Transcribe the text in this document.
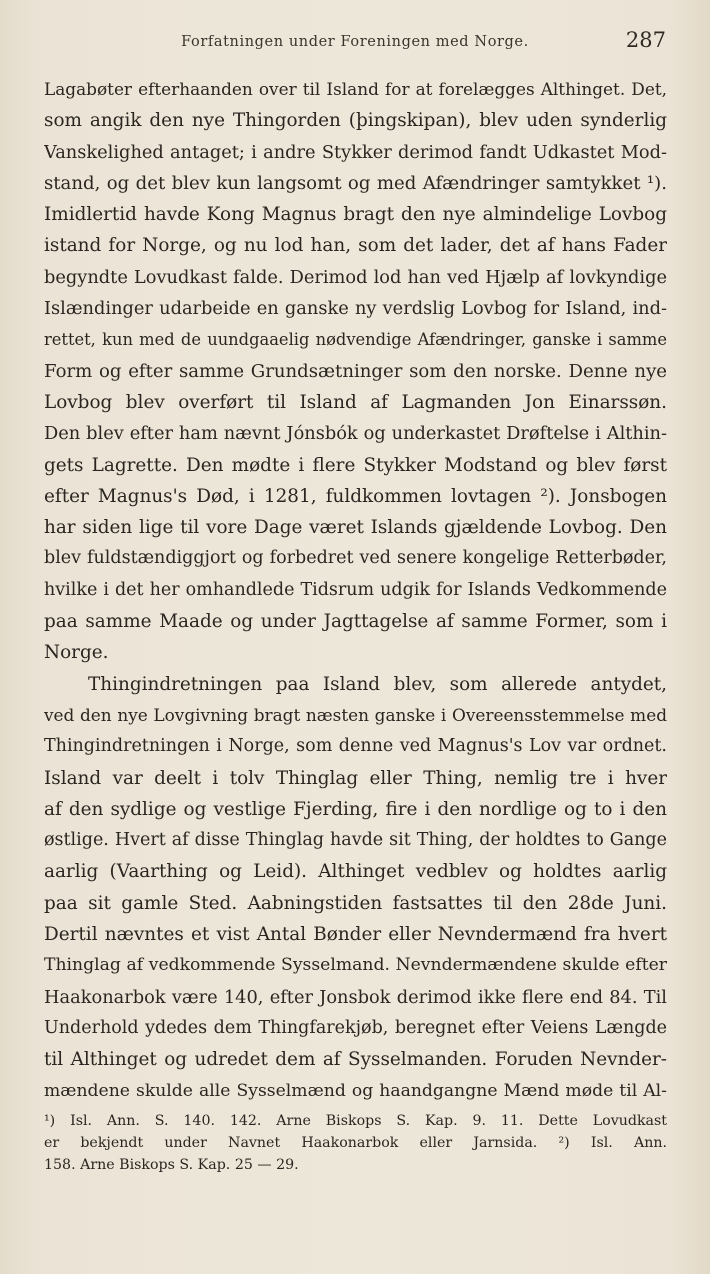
Forfatningen under Foreningen med Norge.	287
Lagabøter efterhaanden over til Island for at forelægges Althinget. Det,
som angik den nye Thingorden (þingskipan), blev uden synderlig
Vanskelighed antaget; i andre Stykker derimod fandt Udkastet Mod-
stand, og det blev kun langsomt og med Afændringer samtykket ¹).
Imidlertid havde Kong Magnus bragt den nye almindelige Lovbog
istand for Norge, og nu lod han, som det lader, det af hans Fader
begyndte Lovudkast falde. Derimod lod han ved Hjælp af lovkyndige
Islændinger udarbeide en ganske ny verdslig Lovbog for Island, ind-
rettet, kun med de uundgaaelig nødvendige Afændringer, ganske i samme
Form og efter samme Grundsætninger som den norske. Denne nye
Lovbog blev overført til Island af Lagmanden Jon Einarssøn.
Den blev efter ham nævnt Jónsbók og underkastet Drøftelse i Althin-
gets Lagrette. Den mødte i flere Stykker Modstand og blev først
efter Magnus's Død, i 1281, fuldkommen lovtagen ²). Jonsbogen
har siden lige til vore Dage været Islands gjældende Lovbog. Den
blev fuldstændiggjort og forbedret ved senere kongelige Retterbøder,
hvilke i det her omhandlede Tidsrum udgik for Islands Vedkommende
paa samme Maade og under Jagttagelse af samme Former, som i
Norge.
Thingindretningen paa Island blev, som allerede antydet,
ved den nye Lovgivning bragt næsten ganske i Overeensstemmelse med
Thingindretningen i Norge, som denne ved Magnus's Lov var ordnet.
Island var deelt i tolv Thinglag eller Thing, nemlig tre i hver
af den sydlige og vestlige Fjerding, fire i den nordlige og to i den
østlige. Hvert af disse Thinglag havde sit Thing, der holdtes to Gange
aarlig (Vaarthing og Leid). Althinget vedblev og holdtes aarlig
paa sit gamle Sted. Aabningstiden fastsattes til den 28de Juni.
Dertil nævntes et vist Antal Bønder eller Nevndermænd fra hvert
Thinglag af vedkommende Sysselmand. Nevndermændene skulde efter
Haakonarbok være 140, efter Jonsbok derimod ikke flere end 84. Til
Underhold ydedes dem Thingfarekjøb, beregnet efter Veiens Længde
til Althinget og udredet dem af Sysselmanden. Foruden Nevnder-
mændene skulde alle Sysselmænd og haandgangne Mænd møde til Al-
¹) Isl. Ann. S. 140. 142. Arne Biskops S. Kap. 9. 11. Dette Lovudkast
er bekjendt under Navnet Haakonarbok eller Jarnsida. ²) Isl. Ann.
158. Arne Biskops S. Kap. 25 — 29.
